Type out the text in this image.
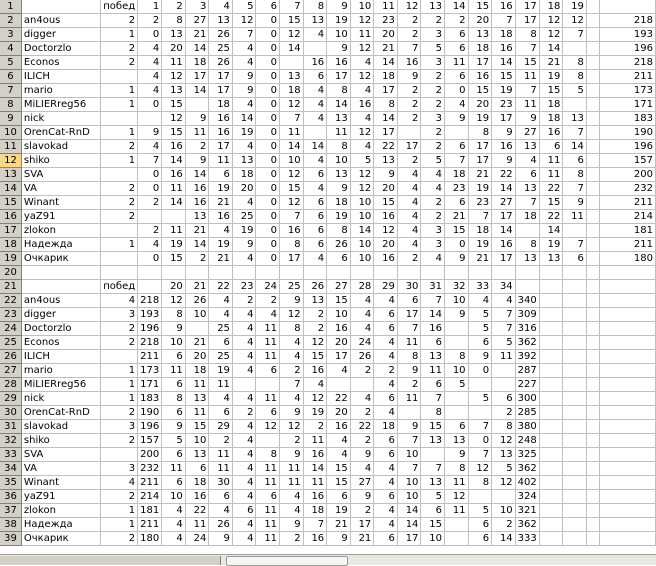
1		побед	1	2	3	4	5	6	7	8	9	10	11	12	13	14	15	16	17	18	19		
2	an4ous	2	2	8	27	13	12	0	15	13	19	12	23	2	2	2	20	7	17	12	12		218
3	digger	1	0	13	21	26	7	0	12	4	10	11	20	2	3	6	13	18	8	12	7		193
4	Doctorzlo	2	4	20	14	25	4	0	14		9	12	21	7	5	6	18	16	7	14			196
5	Econos	2	4	11	18	26	4	0		16	16	4	14	16	3	11	17	14	15	21	8		218
6	ILICH		4	12	17	17	9	0	13	6	17	12	18	9	2	6	16	15	11	19	8		211
7	mario	1	4	13	14	17	9	0	18	4	8	4	17	2	2	0	15	19	7	15	5		173
8	MiLIERreg56	1	0	15		18	4	0	12	4	14	16	8	2	2	4	20	23	11	18			171
9	nick			12	9	16	14	0	7	4	13	4	14	2	3	9	19	17	9	18	13		183
10	OrenCat-RnD	1	9	15	11	16	19	0	11		11	12	17		2		8	9	27	16	7		190
11	slavokad	2	4	16	2	17	4	0	14	14	8	4	22	17	2	6	17	16	13	6	14		196
12	shiko	1	7	14	9	11	13	0	10	4	10	5	13	2	5	7	17	9	4	11	6		157
13	SVA		0	16	14	6	18	0	12	6	13	12	9	4	4	18	21	22	6	11	8		200
14	VA	2	0	11	16	19	20	0	15	4	9	12	20	4	4	23	19	14	13	22	7		232
15	Winant	2	2	14	16	21	4	0	12	6	18	10	15	4	2	6	23	27	7	15	9		211
16	yaZ91	2			13	16	25	0	7	6	19	10	16	4	2	21	7	17	18	22	11		214
17	zlokon		2	11	21	4	19	0	16	6	8	14	12	4	3	15	18	14		14			181
18	Надежда	1	4	19	14	19	9	0	8	6	26	10	20	4	3	0	19	16	8	19	7		211
19	Очкарик		0	15	2	21	4	0	17	4	6	10	16	2	4	9	21	17	13	13	6		180
20																							
21		побед		20	21	22	23	24	25	26	27	28	29	30	31	32	33	34					
22	an4ous	4	218	12	26	4	2	2	9	13	15	4	4	6	7	10	4	4	340				
23	digger	3	193	8	10	4	4	4	12	2	10	4	6	17	14	9	5	7	309				
24	Doctorzlo	2	196	9		25	4	11	8	2	16	4	6	7	16		5	7	316				
25	Econos	2	218	10	21	6	4	11	4	12	20	24	4	11	6		6	5	362				
26	ILICH		211	6	20	25	4	11	4	15	17	26	4	8	13	8	9	11	392				
27	mario	1	173	11	18	19	4	6	2	16	4	2	2	9	11	10	0		287				
28	MiLIERreg56	1	171	6	11	11			7	4			4	2	6	5			227				
29	nick	1	183	8	13	4	4	11	4	12	22	4	6	11	7		5	6	300				
30	OrenCat-RnD	2	190	6	11	6	2	6	9	19	20	2	4		8			2	285				
31	slavokad	3	196	9	15	29	4	12	12	2	16	22	18	9	15	6	7	8	380				
32	shiko	2	157	5	10	2	4		2	11	4	2	6	7	13	13	0	12	248				
33	SVA		200	6	13	11	4	8	9	16	4	9	6	10		9	7	13	325				
34	VA	3	232	11	6	11	4	11	11	14	15	4	4	7	7	8	12	5	362				
35	Winant	4	211	6	18	30	4	11	11	11	15	27	4	10	13	11	8	12	402				
36	yaZ91	2	214	10	16	6	4	6	4	16	6	9	6	10	5	12			324				
37	zlokon	1	181	4	22	4	6	11	4	18	19	2	4	14	6	11	5	10	321				
38	Надежда	1	211	4	11	26	4	11	9	7	21	17	4	14	15		6	2	362				
39	Очкарик	2	180	4	24	9	4	11	2	16	9	21	6	17	10		6	14	333				
